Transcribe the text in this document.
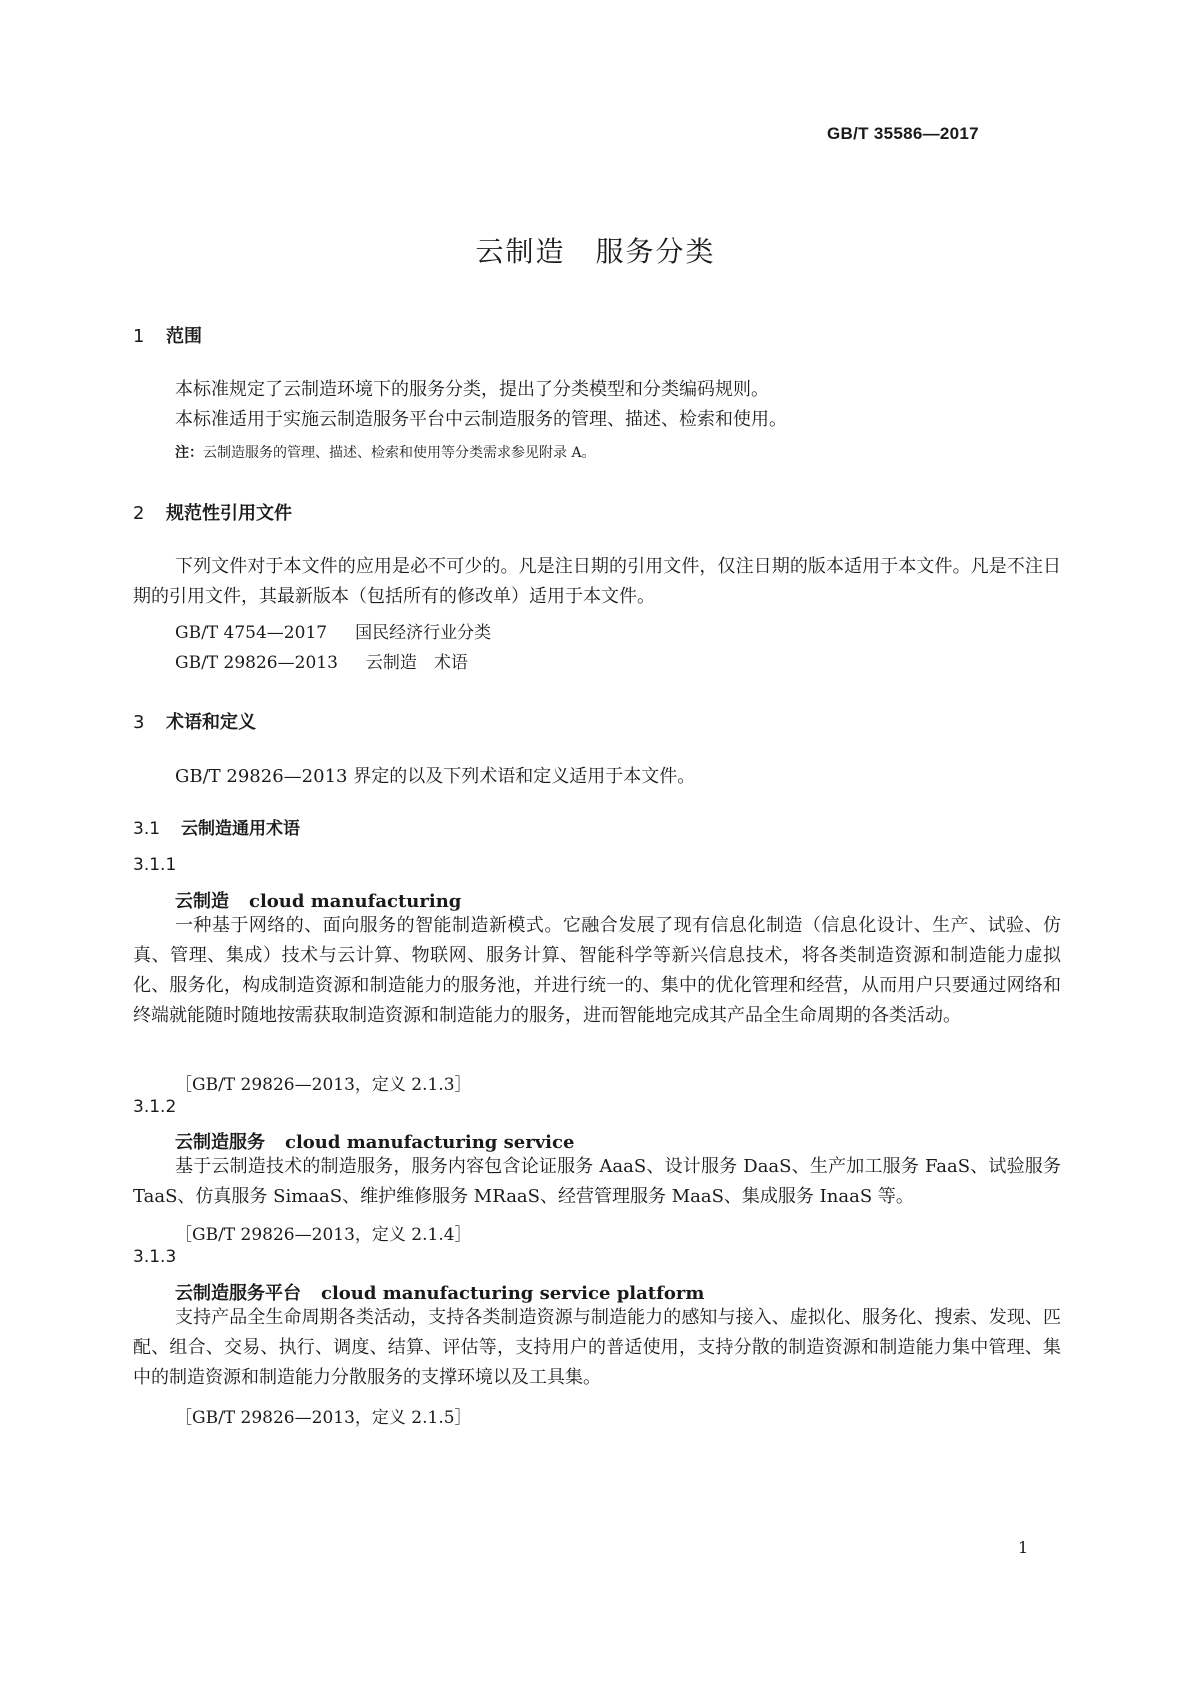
GB/T 35586—2017
云制造　服务分类
1 范围
本标准规定了云制造环境下的服务分类，提出了分类模型和分类编码规则。
本标准适用于实施云制造服务平台中云制造服务的管理、描述、检索和使用。
注：云制造服务的管理、描述、检索和使用等分类需求参见附录 A。
2 规范性引用文件
下列文件对于本文件的应用是必不可少的。凡是注日期的引用文件，仅注日期的版本适用于本文件。凡是不注日期的引用文件，其最新版本（包括所有的修改单）适用于本文件。
GB/T 4754—2017 国民经济行业分类
GB/T 29826—2013 云制造　术语
3 术语和定义
GB/T 29826—2013 界定的以及下列术语和定义适用于本文件。
3.1 云制造通用术语
3.1.1
云制造 cloud manufacturing
一种基于网络的、面向服务的智能制造新模式。它融合发展了现有信息化制造（信息化设计、生产、试验、仿真、管理、集成）技术与云计算、物联网、服务计算、智能科学等新兴信息技术，将各类制造资源和制造能力虚拟化、服务化，构成制造资源和制造能力的服务池，并进行统一的、集中的优化管理和经营，从而用户只要通过网络和终端就能随时随地按需获取制造资源和制造能力的服务，进而智能地完成其产品全生命周期的各类活动。
［GB/T 29826—2013，定义 2.1.3］
3.1.2
云制造服务 cloud manufacturing service
基于云制造技术的制造服务，服务内容包含论证服务 AaaS、设计服务 DaaS、生产加工服务 FaaS、试验服务 TaaS、仿真服务 SimaaS、维护维修服务 MRaaS、经营管理服务 MaaS、集成服务 InaaS 等。
［GB/T 29826—2013，定义 2.1.4］
3.1.3
云制造服务平台 cloud manufacturing service platform
支持产品全生命周期各类活动，支持各类制造资源与制造能力的感知与接入、虚拟化、服务化、搜索、发现、匹配、组合、交易、执行、调度、结算、评估等，支持用户的普适使用，支持分散的制造资源和制造能力集中管理、集中的制造资源和制造能力分散服务的支撑环境以及工具集。
［GB/T 29826—2013，定义 2.1.5］
1
